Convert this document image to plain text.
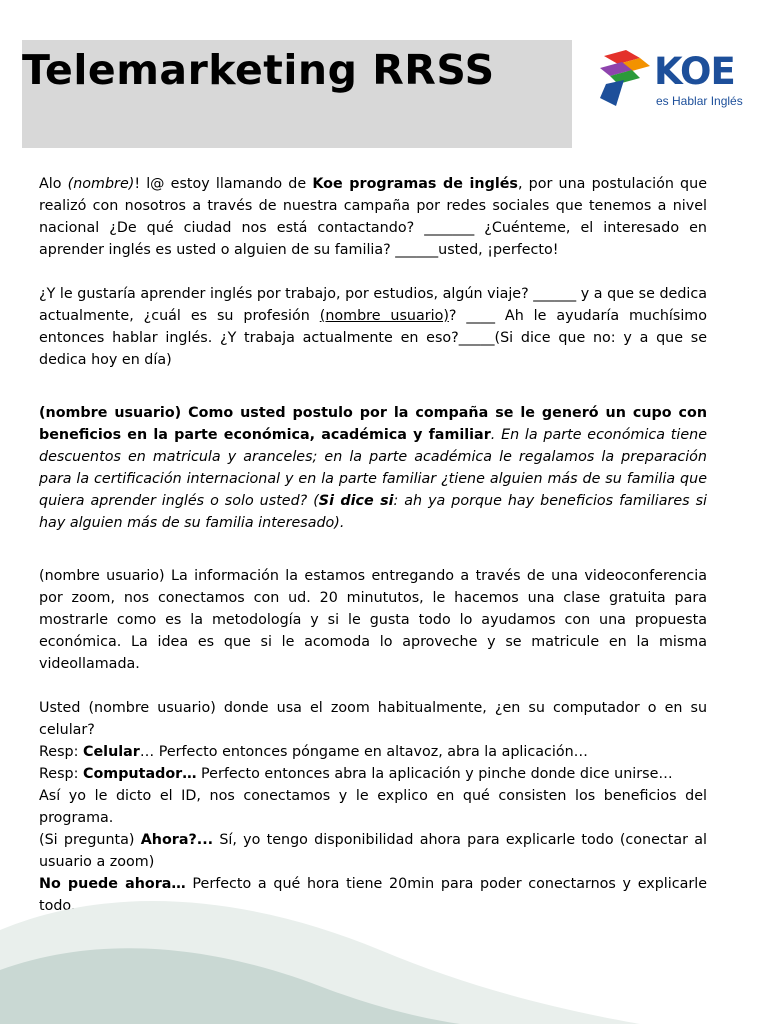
Telemarketing RRSS	KOE
es Hablar Inglés

Alo (nombre)! l@ estoy llamando de Koe programas de inglés, por una postulación que realizó con nosotros a través de nuestra campaña por redes sociales que tenemos a nivel nacional ¿De qué ciudad nos está contactando? _______ ¿Cuénteme, el interesado en aprender inglés es usted o alguien de su familia? ______usted, ¡perfecto!

¿Y le gustaría aprender inglés por trabajo, por estudios, algún viaje? ______ y a que se dedica actualmente, ¿cuál es su profesión (nombre usuario)? ____ Ah le ayudaría muchísimo entonces hablar inglés. ¿Y trabaja actualmente en eso?_____(Si dice que no: y a que se dedica hoy en día)

(nombre usuario) Como usted postulo por la compaña se le generó un cupo con beneficios en la parte económica, académica y familiar. En la parte económica tiene descuentos en matricula y aranceles; en la parte académica le regalamos la preparación para la certificación internacional y en la parte familiar ¿tiene alguien más de su familia que quiera aprender inglés o solo usted? (Si dice si: ah ya porque hay beneficios familiares si hay alguien más de su familia interesado).

(nombre usuario) La información la estamos entregando a través de una videoconferencia por zoom, nos conectamos con ud. 20 minututos, le hacemos una clase gratuita para mostrarle como es la metodología y si le gusta todo lo ayudamos con una propuesta económica. La idea es que si le acomoda lo aproveche y se matricule en la misma videollamada.

Usted (nombre usuario) donde usa el zoom habitualmente, ¿en su computador o en su celular?

Resp: Celular… Perfecto entonces póngame en altavoz, abra la aplicación…

Resp: Computador… Perfecto entonces abra la aplicación y pinche donde dice unirse…

Así yo le dicto el ID, nos conectamos y le explico en qué consisten los beneficios del programa.

(Si pregunta) Ahora?... Sí, yo tengo disponibilidad ahora para explicarle todo (conectar al usuario a zoom)

No puede ahora… Perfecto a qué hora tiene 20min para poder conectarnos y explicarle todo.
